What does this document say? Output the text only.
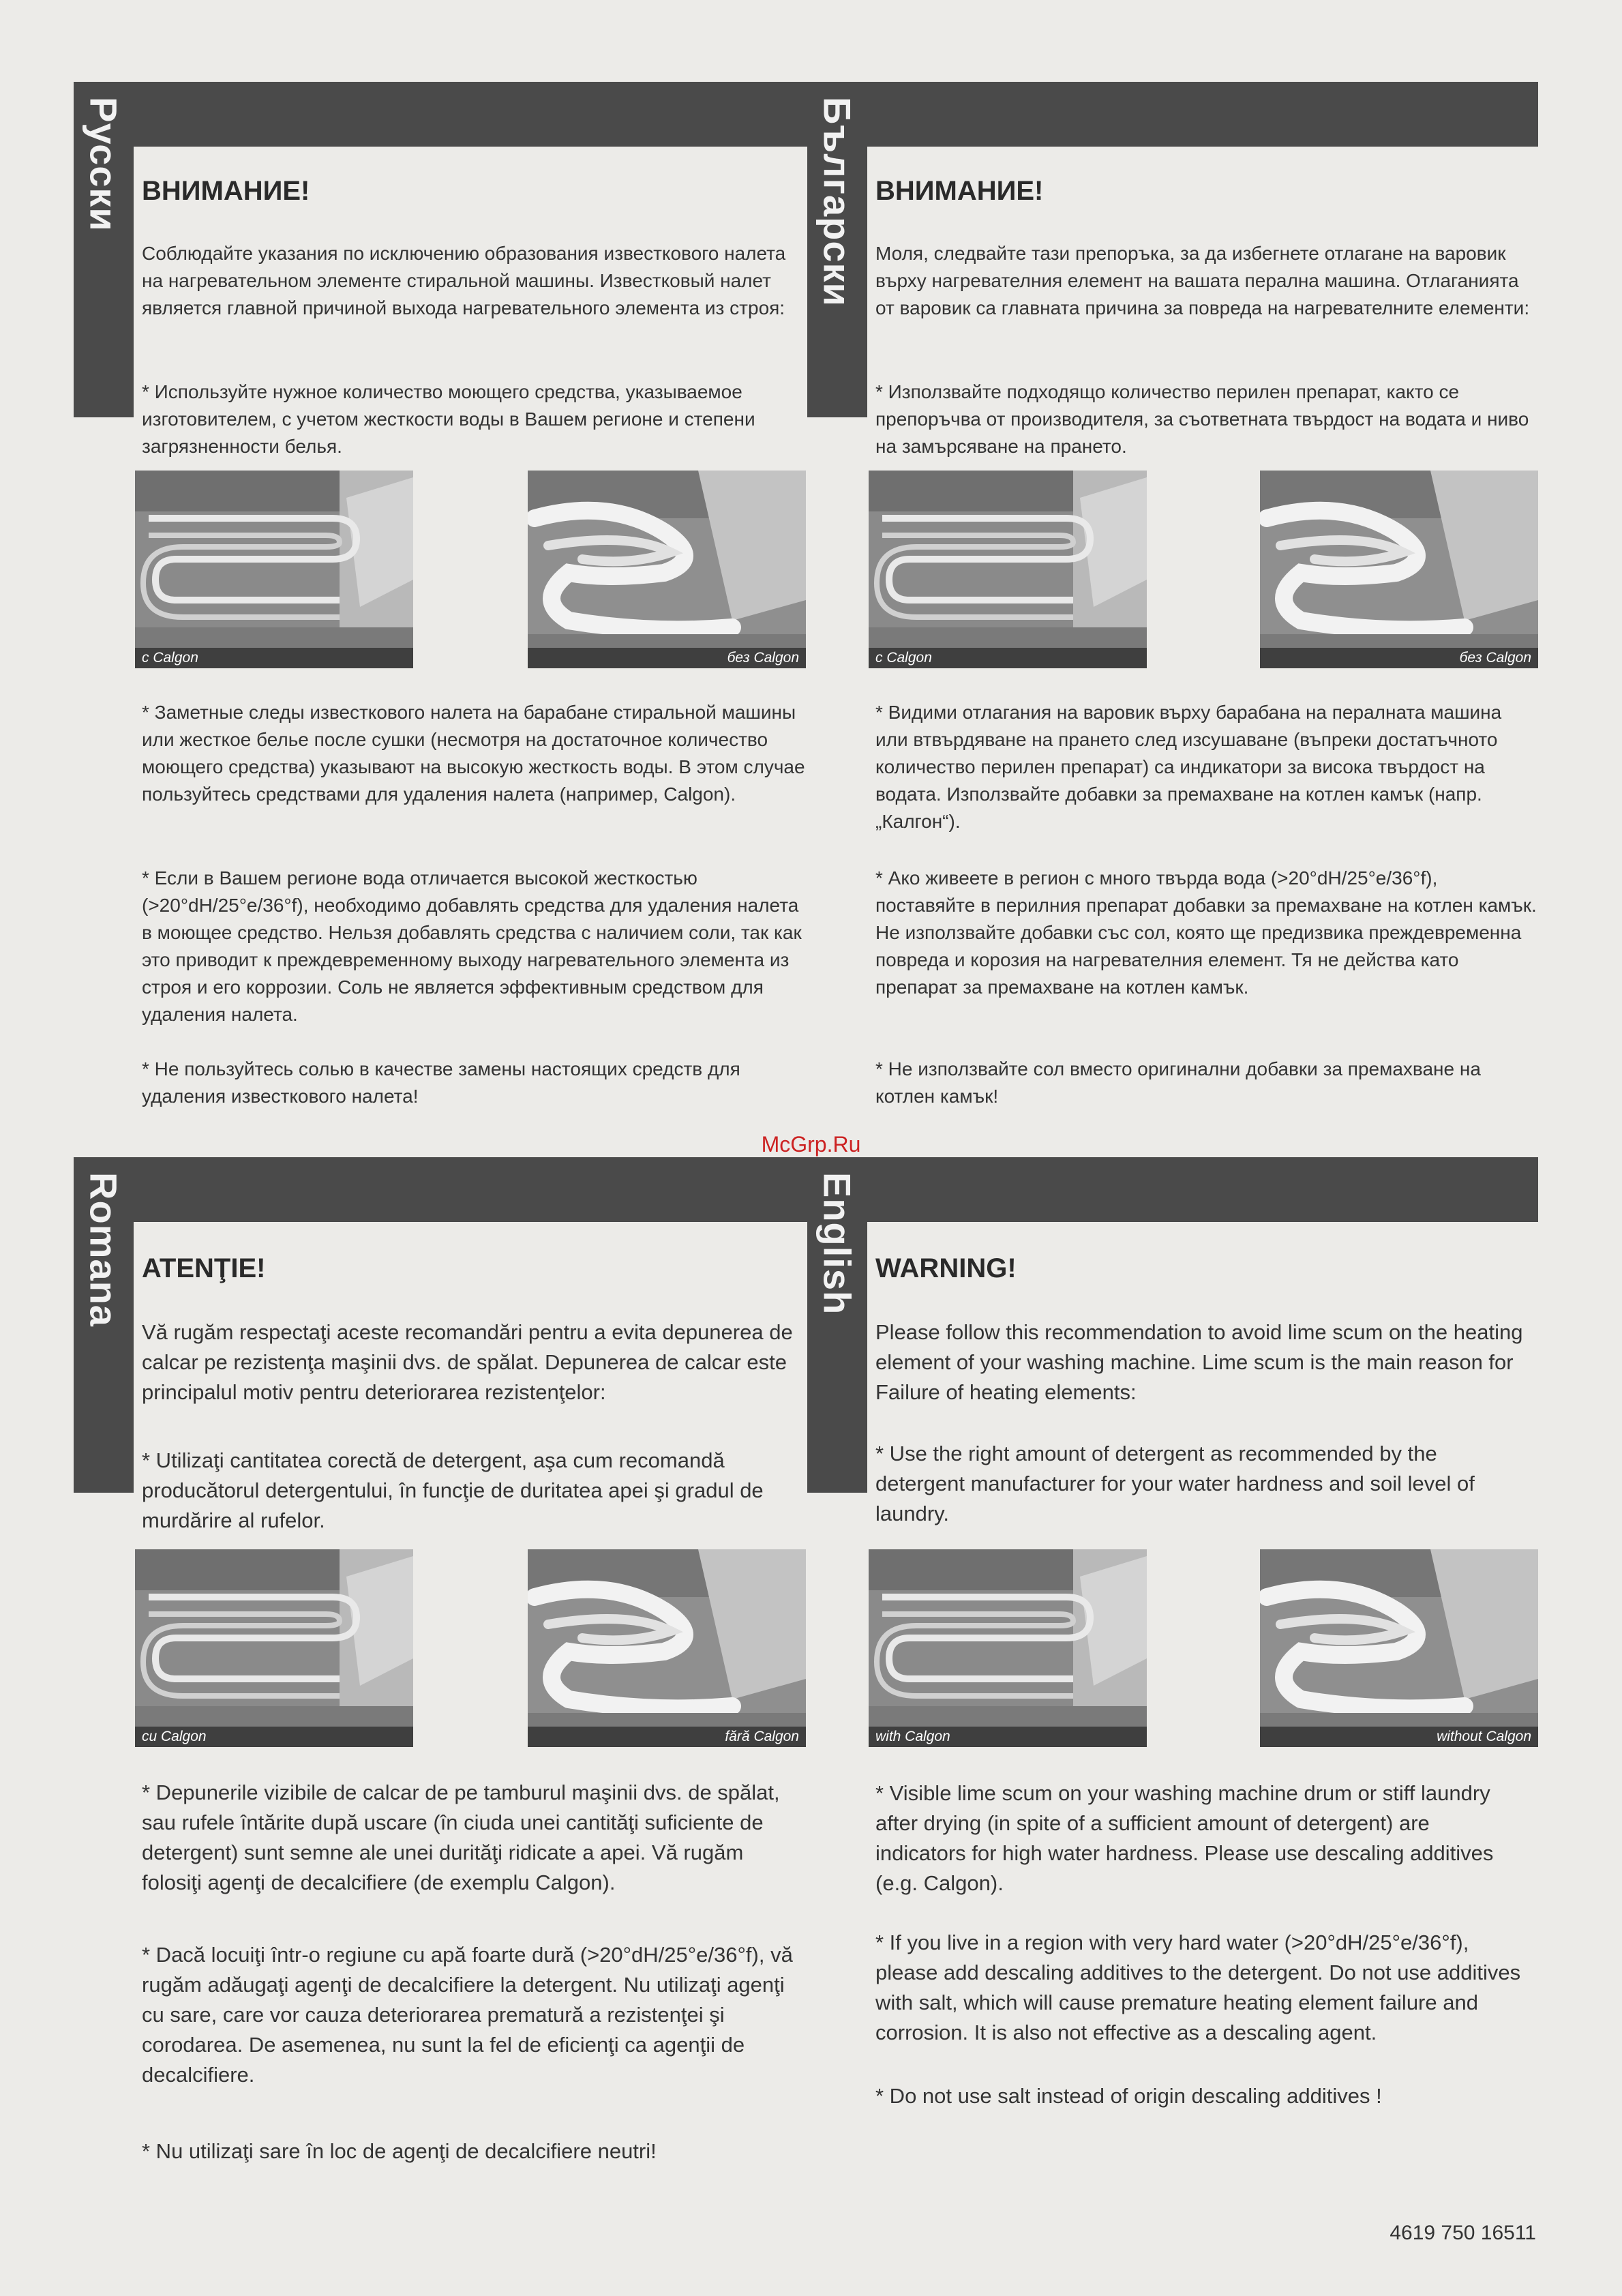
Русски	Български
Romana	English
ВНИМАНИЕ!

Соблюдайте указания по исключению образования известкового налета на нагревательном элементе стиральной машины. Известковый налет является главной причиной выхода нагревательного элемента из строя:

* Используйте нужное количество моющего средства, указываемое изготовителем, с учетом жесткости воды в Вашем регионе и степени загрязненности белья.

с Calgon	без Calgon

* Заметные следы известкового налета на барабане стиральной машины или жесткое белье после сушки (несмотря на достаточное количество моющего средства) указывают на высокую жесткость воды. В этом случае пользуйтесь средствами для удаления налета (например, Calgon).

* Если в Вашем регионе вода отличается высокой жесткостью (>20°dH/25°e/36°f), необходимо добавлять средства для удаления налета в моющее средство. Нельзя добавлять средства с наличием соли, так как это приводит к преждевременному выходу нагревательного элемента из строя и его коррозии. Соль не является эффективным средством для удаления налета.

* Не пользуйтесь солью в качестве замены настоящих средств для удаления известкового налета!

ВНИМАНИЕ!

Моля, следвайте тази препоръка, за да избегнете отлагане на варовик върху нагревателния елемент на вашата перална машина. Отлаганията от варовик са главната причина за повреда на нагревателните елементи:

* Използвайте подходящо количество перилен препарат, както се препоръчва от производителя, за съответната твърдост на водата и ниво на замърсяване на прането.

с Calgon	без Calgon

* Видими отлагания на варовик върху барабана на пералната машина или втвърдяване на прането след изсушаване (въпреки достатъчното количество перилен препарат) са индикатори за висока твърдост на водата. Използвайте добавки за премахване на котлен камък (напр. „Калгон“).

* Ако живеете в регион с много твърда вода (>20°dH/25°e/36°f), поставяйте в перилния препарат добавки за премахване на котлен камък. Не използвайте добавки със сол, която ще предизвика преждевременна повреда и корозия на нагревателния елемент. Тя не действа като препарат за премахване на котлен камък.

* Не използвайте сол вместо оригинални добавки за премахване на котлен камък!

McGrp.Ru
ATENŢIE!

Vă rugăm respectaţi aceste recomandări pentru a evita depunerea de calcar pe rezistenţa maşinii dvs. de spălat. Depunerea de calcar este principalul motiv pentru deteriorarea rezistenţelor:

* Utilizaţi cantitatea corectă de detergent, aşa cum recomandă producătorul detergentului, în funcţie de duritatea apei şi gradul de murdărire al rufelor.

cu Calgon	fără Calgon

* Depunerile vizibile de calcar de pe tamburul maşinii dvs. de spălat, sau rufele întărite după uscare (în ciuda unei cantităţi suficiente de detergent) sunt semne ale unei durităţi ridicate a apei. Vă rugăm folosiţi agenţi de decalcifiere (de exemplu Calgon).

* Dacă locuiţi într-o regiune cu apă foarte dură (>20°dH/25°e/36°f), vă rugăm adăugaţi agenţi de decalcifiere la detergent. Nu utilizaţi agenţi cu sare, care vor cauza deteriorarea prematură a rezistenţei şi corodarea. De asemenea, nu sunt la fel de eficienţi ca agenţii de decalcifiere.

* Nu utilizaţi sare în loc de agenţi de decalcifiere neutri!

WARNING!

Please follow this recommendation to avoid lime scum on the heating element of your washing machine. Lime scum is the main reason for Failure of heating elements:

* Use the right amount of detergent as recommended by the detergent manufacturer for your water hardness and soil level of laundry.

with Calgon	without Calgon

* Visible lime scum on your washing machine drum or stiff laundry after drying (in spite of a sufficient amount of detergent) are indicators for high water hardness. Please use descaling additives (e.g. Calgon).

* If you live in a region with very hard water (>20°dH/25°e/36°f), please add descaling additives to the detergent. Do not use additives with salt, which will cause premature heating element failure and corrosion. It is also not effective as a descaling agent.

* Do not use salt instead of origin descaling additives !

4619 750 16511
